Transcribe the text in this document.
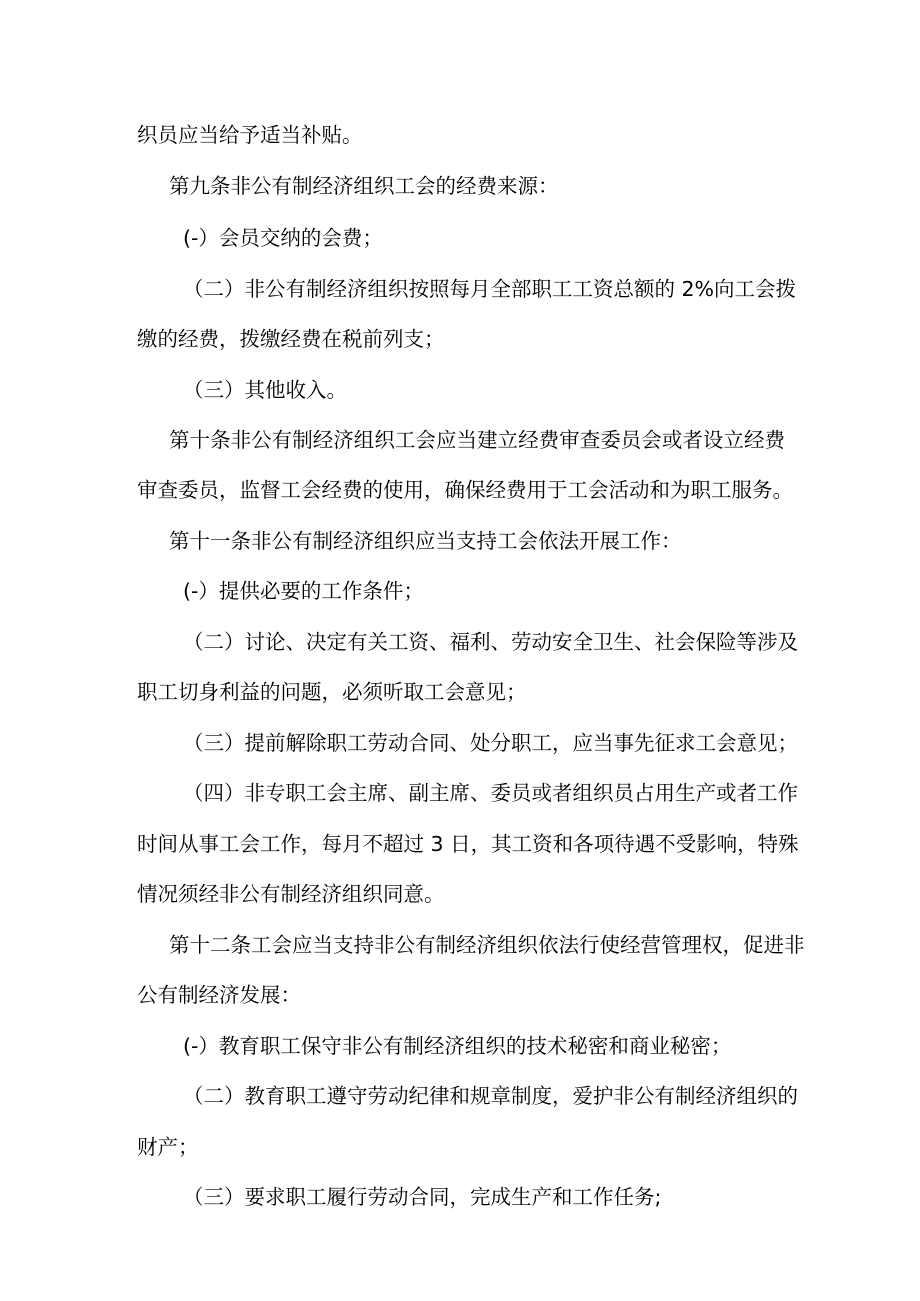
织员应当给予适当补贴。
第九条非公有制经济组织工会的经费来源：
(-）会员交纳的会费；
（二）非公有制经济组织按照每月全部职工工资总额的 2%向工会拨
缴的经费，拨缴经费在税前列支；
（三）其他收入。
第十条非公有制经济组织工会应当建立经费审查委员会或者设立经费
审查委员，监督工会经费的使用，确保经费用于工会活动和为职工服务。
第十一条非公有制经济组织应当支持工会依法开展工作：
(-）提供必要的工作条件；
（二）讨论、决定有关工资、福利、劳动安全卫生、社会保险等涉及
职工切身利益的问题，必须听取工会意见；
（三）提前解除职工劳动合同、处分职工，应当事先征求工会意见；
（四）非专职工会主席、副主席、委员或者组织员占用生产或者工作
时间从事工会工作，每月不超过 3 日，其工资和各项待遇不受影响，特殊
情况须经非公有制经济组织同意。
第十二条工会应当支持非公有制经济组织依法行使经营管理权，促进非
公有制经济发展：
(-）教育职工保守非公有制经济组织的技术秘密和商业秘密；
（二）教育职工遵守劳动纪律和规章制度，爱护非公有制经济组织的
财产；
（三）要求职工履行劳动合同，完成生产和工作任务;
